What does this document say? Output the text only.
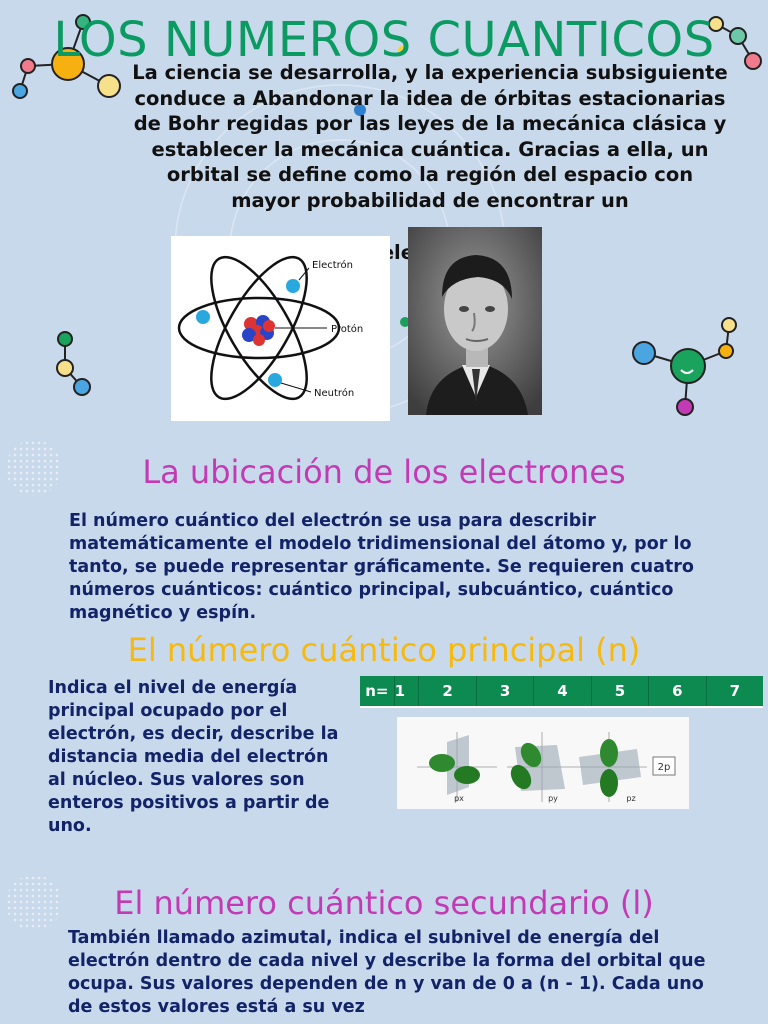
LOS NUMEROS CUANTICOS
La ciencia se desarrolla, y la experiencia subsiguiente conduce a Abandonar la idea de órbitas estacionarias de Bohr regidas por las leyes de la mecánica clásica y establecer la mecánica cuántica. Gracias a ella, un orbital se define como la región del espacio con mayor probabilidad de encontrar un
Electrón
Protón
Neutrón
La ubicación de los electrones
El número cuántico del electrón se usa para describir matemáticamente el modelo tridimensional del átomo y, por lo tanto, se puede representar gráficamente. Se requieren cuatro números cuánticos: cuántico principal, subcuántico, cuántico magnético y espín.
El número cuántico principal (n)
Indica el nivel de energía principal ocupado por el electrón, es decir, describe la distancia media del electrón al núcleo. Sus valores son enteros positivos a partir de uno.
n= 1	2	3	4	5	6	7
2p
px	py	pz
El número cuántico secundario (l)
También llamado azimutal, indica el subnivel de energía del electrón dentro de cada nivel y describe la forma del orbital que ocupa. Sus valores dependen de n y van de 0 a (n - 1). Cada uno de estos valores está a su vez
